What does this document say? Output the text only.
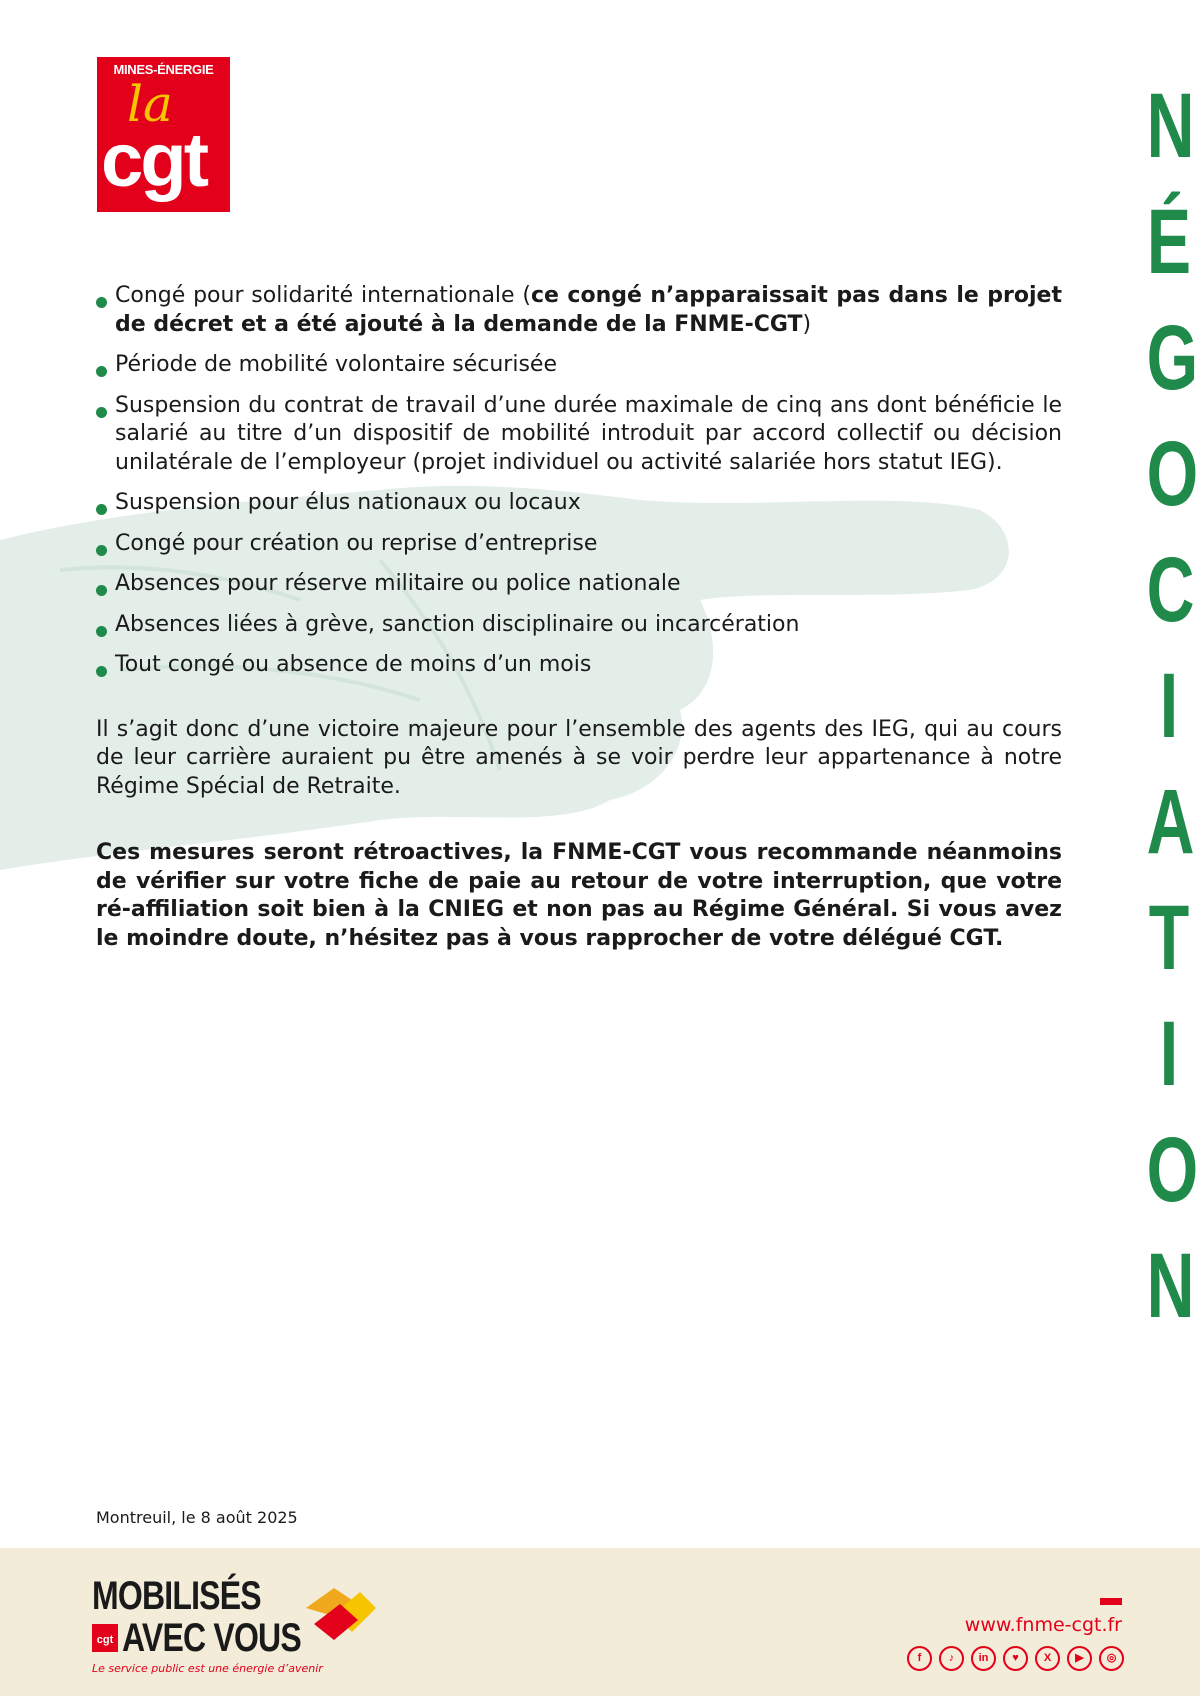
MINES-ÉNERGIE
la
cgt	N
É
G
O
C
I
A
T
I
O
N
Congé pour solidarité internationale (ce congé n’apparaissait pas dans le projet de décret et a été ajouté à la demande de la FNME-CGT)
Période de mobilité volontaire sécurisée
Suspension du contrat de travail d’une durée maximale de cinq ans dont bénéficie le salarié au titre d’un dispositif de mobilité introduit par accord collectif ou décision unilatérale de l’employeur (projet individuel ou activité salariée hors statut IEG).
Suspension pour élus nationaux ou locaux
Congé pour création ou reprise d’entreprise
Absences pour réserve militaire ou police nationale
Absences liées à grève, sanction disciplinaire ou incarcération
Tout congé ou absence de moins d’un mois

Il s’agit donc d’une victoire majeure pour l’ensemble des agents des IEG, qui au cours de leur carrière auraient pu être amenés à se voir perdre leur appartenance à notre Régime Spécial de Retraite.

Ces mesures seront rétroactives, la FNME-CGT vous recommande néanmoins de vérifier sur votre fiche de paie au retour de votre interruption, que votre ré-affiliation soit bien à la CNIEG et non pas au Régime Général. Si vous avez le moindre doute, n’hésitez pas à vous rapprocher de votre délégué CGT.

Montreuil, le 8 août 2025
MOBILISÉS
cgt AVEC VOUS
Le service public est une énergie d’avenir
www.fnme-cgt.fr
f	♪	in	♥	X	▶	◎
